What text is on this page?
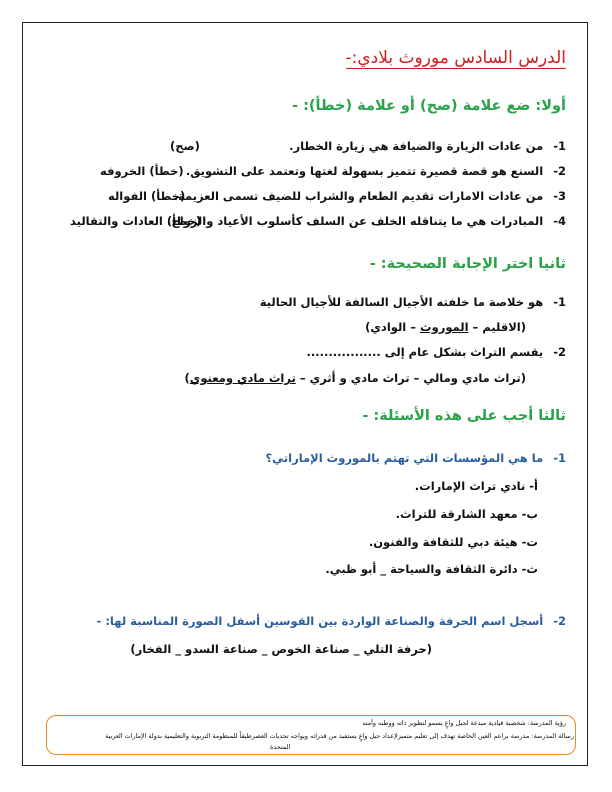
الدرس السادس موروث بلادي:-
أولا: ضع علامة (صح) أو علامة (خطأ): -
1-من عادات الزيارة والضيافة هي زيارة الخطار.
(صح)
2-السنع هو قصة قصيرة تتميز بسهولة لغتها وتعتمد على التشويق.
(خطأ) الخروفه
3-من عادات الامارات تقديم الطعام والشراب للضيف تسمى العزيمة.
(خطأ) الفواله
4-المبادرات هي ما يتناقله الخلف عن السلف كأسلوب الأعياد والزواج.
(خطأ) العادات والتقاليد
ثانيا اختر الإجابة الصحيحة: -
1-هو خلاصة ما خلفته الأجيال السالفة للأجيال الحالية
(الاقليم – الموروث – الوادي)
2-يقسم التراث بشكل عام إلى .................
(تراث مادي ومالي – تراث مادي و أثري – تراث مادي ومعنوي)
ثالثا أجب على هذه الأسئلة: -
1-ما هي المؤسسات التي تهتم بالموروث الإماراتي؟
أ- نادي تراث الإمارات.
ب- معهد الشارقة للتراث.
ت- هيئة دبي للثقافة والفنون.
ث- دائرة الثقافة والسياحة _ أبو ظبي.
2-أسجل اسم الحرفة والصناعة الواردة بين القوسين أسفل الصورة المناسبة لها: -
(حرفة التلي _ صناعة الخوص _ صناعة السدو _ الفخار)
رؤية المدرسة: شخصية قيادية مبدعة لجيل واعٍ يسمو لتطوير ذاته ووطنه وأمته
رسالة المدرسة: مدرسة براعم العين الخاصة تهدف إلى تعليم متميزلإعداد جيل واعٍ يستفيد من قدراته ويواجه تحديات العصرطبقاً للمنظومة التربوية والتعليمية بدولة الإمارات العربية
المتحدة
